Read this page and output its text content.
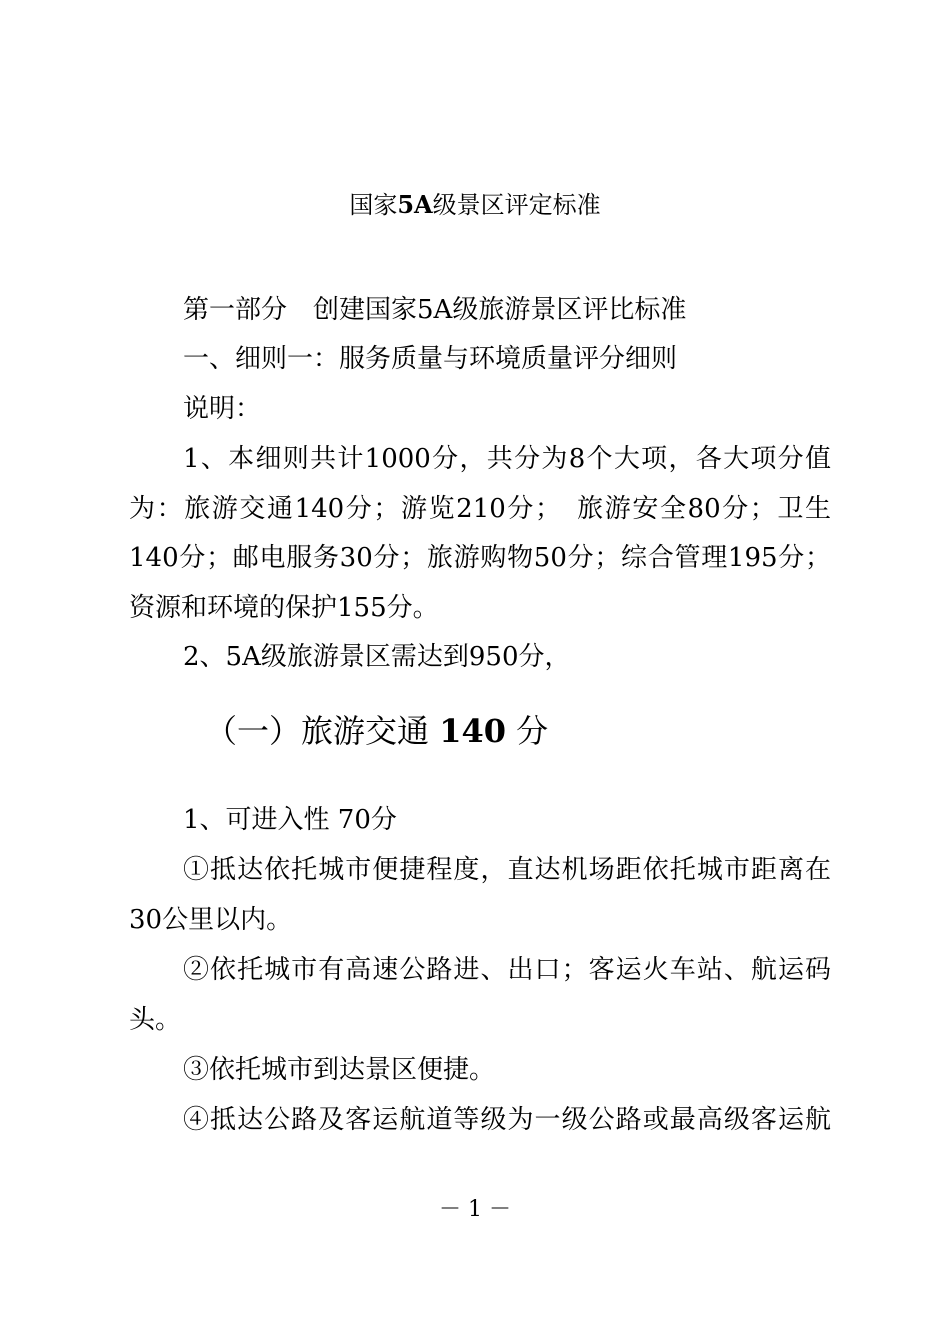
国家5A级景区评定标准
第一部分　创建国家5A级旅游景区评比标准
一、细则一：服务质量与环境质量评分细则
说明：
1、本细则共计1000分，共分为8个大项，各大项分值
为：旅游交通140分；游览210分；　旅游安全80分；卫生
140分；邮电服务30分；旅游购物50分；综合管理195分；
资源和环境的保护155分。
2、5A级旅游景区需达到950分，
（一）旅游交通 140 分
1、可进入性 70分
①抵达依托城市便捷程度，直达机场距依托城市距离在
30公里以内。
②依托城市有高速公路进、出口；客运火车站、航运码
头。
③依托城市到达景区便捷。
④抵达公路及客运航道等级为一级公路或最高级客运航
－ 1 －
